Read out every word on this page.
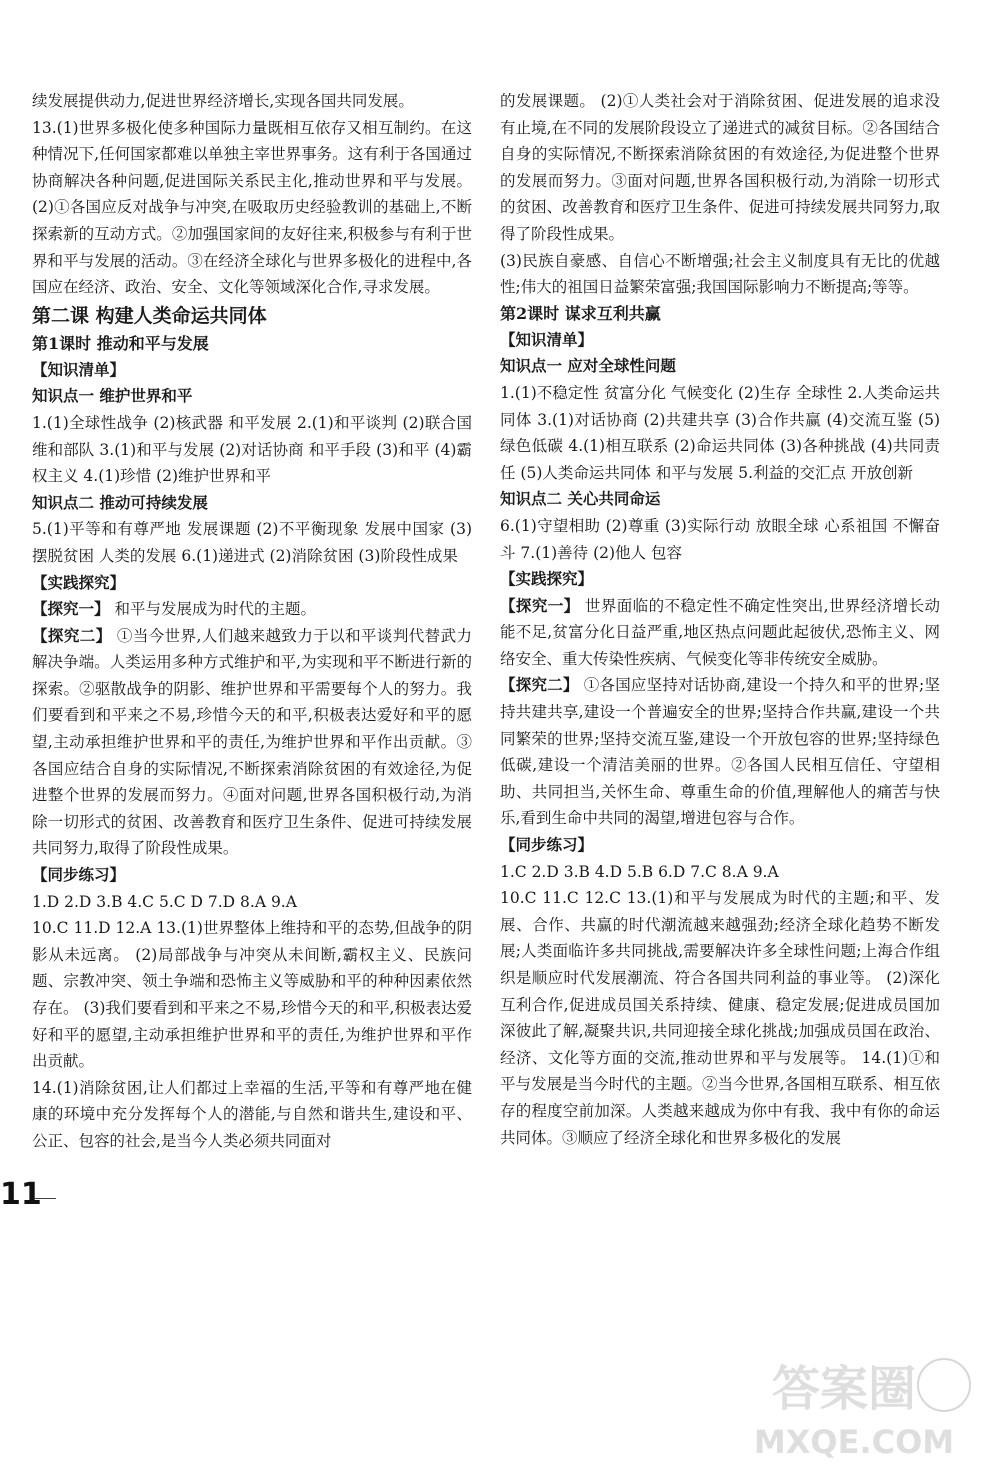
续发展提供动力,促进世界经济增长,实现各国共同发展。

13.(1)世界多极化使多种国际力量既相互依存又相互制约。在这种情况下,任何国家都难以单独主宰世界事务。这有利于各国通过协商解决各种问题,促进国际关系民主化,推动世界和平与发展。 (2)①各国应反对战争与冲突,在吸取历史经验教训的基础上,不断探索新的互动方式。②加强国家间的友好往来,积极参与有利于世界和平与发展的活动。③在经济全球化与世界多极化的进程中,各国应在经济、政治、安全、文化等领域深化合作,寻求发展。

第二课 构建人类命运共同体

第1课时 推动和平与发展

【知识清单】

知识点一 维护世界和平

1.(1)全球性战争 (2)核武器 和平发展 2.(1)和平谈判 (2)联合国 维和部队 3.(1)和平与发展 (2)对话协商 和平手段 (3)和平 (4)霸权主义 4.(1)珍惜 (2)维护世界和平

知识点二 推动可持续发展

5.(1)平等和有尊严地 发展课题 (2)不平衡现象 发展中国家 (3)摆脱贫困 人类的发展 6.(1)递进式 (2)消除贫困 (3)阶段性成果

【实践探究】

【探究一】 和平与发展成为时代的主题。

【探究二】 ①当今世界,人们越来越致力于以和平谈判代替武力解决争端。人类运用多种方式维护和平,为实现和平不断进行新的探索。②驱散战争的阴影、维护世界和平需要每个人的努力。我们要看到和平来之不易,珍惜今天的和平,积极表达爱好和平的愿望,主动承担维护世界和平的责任,为维护世界和平作出贡献。③各国应结合自身的实际情况,不断探索消除贫困的有效途径,为促进整个世界的发展而努力。④面对问题,世界各国积极行动,为消除一切形式的贫困、改善教育和医疗卫生条件、促进可持续发展共同努力,取得了阶段性成果。

【同步练习】

1.D 2.D 3.B 4.C 5.C D 7.D 8.A 9.A

10.C 11.D 12.A 13.(1)世界整体上维持和平的态势,但战争的阴影从未远离。 (2)局部战争与冲突从未间断,霸权主义、民族问题、宗教冲突、领土争端和恐怖主义等威胁和平的种种因素依然存在。 (3)我们要看到和平来之不易,珍惜今天的和平,积极表达爱好和平的愿望,主动承担维护世界和平的责任,为维护世界和平作出贡献。

14.(1)消除贫困,让人们都过上幸福的生活,平等和有尊严地在健康的环境中充分发挥每个人的潜能,与自然和谐共生,建设和平、公正、包容的社会,是当今人类必须共同面对

的发展课题。 (2)①人类社会对于消除贫困、促进发展的追求没有止境,在不同的发展阶段设立了递进式的减贫目标。②各国结合自身的实际情况,不断探索消除贫困的有效途径,为促进整个世界的发展而努力。③面对问题,世界各国积极行动,为消除一切形式的贫困、改善教育和医疗卫生条件、促进可持续发展共同努力,取得了阶段性成果。

(3)民族自豪感、自信心不断增强;社会主义制度具有无比的优越性;伟大的祖国日益繁荣富强;我国国际影响力不断提高;等等。

第2课时 谋求互利共赢

【知识清单】

知识点一 应对全球性问题

1.(1)不稳定性 贫富分化 气候变化 (2)生存 全球性 2.人类命运共同体 3.(1)对话协商 (2)共建共享 (3)合作共赢 (4)交流互鉴 (5)绿色低碳 4.(1)相互联系 (2)命运共同体 (3)各种挑战 (4)共同责任 (5)人类命运共同体 和平与发展 5.利益的交汇点 开放创新

知识点二 关心共同命运

6.(1)守望相助 (2)尊重 (3)实际行动 放眼全球 心系祖国 不懈奋斗 7.(1)善待 (2)他人 包容

【实践探究】

【探究一】 世界面临的不稳定性不确定性突出,世界经济增长动能不足,贫富分化日益严重,地区热点问题此起彼伏,恐怖主义、网络安全、重大传染性疾病、气候变化等非传统安全威胁。

【探究二】 ①各国应坚持对话协商,建设一个持久和平的世界;坚持共建共享,建设一个普遍安全的世界;坚持合作共赢,建设一个共同繁荣的世界;坚持交流互鉴,建设一个开放包容的世界;坚持绿色低碳,建设一个清洁美丽的世界。②各国人民相互信任、守望相助、共同担当,关怀生命、尊重生命的价值,理解他人的痛苦与快乐,看到生命中共同的渴望,增进包容与合作。

【同步练习】

1.C 2.D 3.B 4.D 5.B 6.D 7.C 8.A 9.A

10.C 11.C 12.C 13.(1)和平与发展成为时代的主题;和平、发展、合作、共赢的时代潮流越来越强劲;经济全球化趋势不断发展;人类面临许多共同挑战,需要解决许多全球性问题;上海合作组织是顺应时代发展潮流、符合各国共同利益的事业等。 (2)深化互利合作,促进成员国关系持续、健康、稳定发展;促进成员国加深彼此了解,凝聚共识,共同迎接全球化挑战;加强成员国在政治、经济、文化等方面的交流,推动世界和平与发展等。 14.(1)①和平与发展是当今时代的主题。②当今世界,各国相互联系、相互依存的程度空前加深。人类越来越成为你中有我、我中有你的命运共同体。③顺应了经济全球化和世界多极化的发展

11
答案圈
MXQE.COM
